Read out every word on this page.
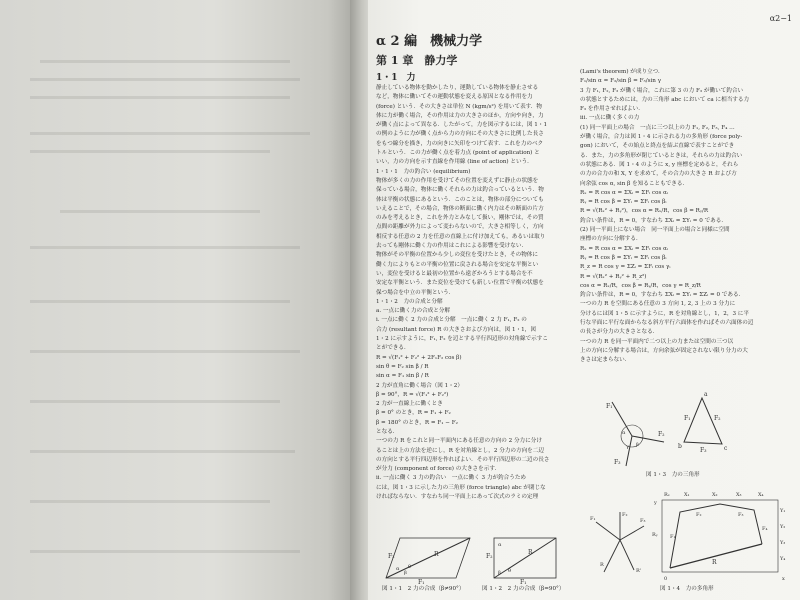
α2−1
α 2 編　機械力学
第 1 章　静力学
1・1　力
静止している物体を動かしたり，運動している物体を静止させる
など，物体に働いてその運動状態を変える原因となる作用を力
(force) という．その大きさは単位 N (kgm/s²) を用いて表す．物
体に力が働く場合，その作用は力の大きさのほか，方向や向き，力
が働く点によって異なる．したがって，力を図示するには，図 1・1
の例のように力が働く点から力の方向にその大きさに比例した長さ
をもつ線分を描き，力の向きに矢印をつけて表す．これを力のベク
トルという．この力が働く点を着力点 (point of application) と
いい，力の方向を示す直線を作用線 (line of action) という．
1・1・1　力の釣合い (equilibrium)
物体が多くの力の作用を受けてその位置を変えずに静止の状態を
保っている場合，物体に働くそれらの力は釣合っているという．物
体は平衡の状態にあるという．このことは，物体の部分についても
いえることで，その場合，物体の断面に働く内力はその断面の片方
のみを考えるとき，これを外力とみなして扱い，剛体では，その質
点間の距離が外力によって変わらないので，大きさ相等しく，方向
相反する任意の 2 力を任意の直線上に付け加えても，あるいは取り
去っても剛体に働く力の作用はこれによる影響を受けない．
物体がその平衡の位置から少しの変位を受けたとき，その物体に
働く力によりもとの平衡の位置に戻される場合を安定な平衡とい
い，変位を受けると最初の位置から遠ざかろうとする場合を不
安定な平衡という．また変位を受けても新しい位置で平衡の状態を
保つ場合を中立の平衡という．
1・1・2　力の合成と分解
a. 一点に働く力の合成と分解
i. 一点に働く 2 力の合成と分解　一点に働く 2 力 F₁, F₂ の
合力 (resultant force) R の大きさおよび方向は，図 1・1，図
1・2 に示すように，F₁, F₂ を辺とする平行四辺形の対角線で示すこ
とができる．
R = √(F₁² + F₂² + 2F₁F₂ cos β)
sin θ = F₂ sin β / R
sin α = F₁ sin β / R
2 力が直角に働く場合（図 1・2）
β = 90°，R = √(F₁² + F₂²)
2 力が一直線上に働くとき
β = 0° のとき，R = F₁ + F₂
β = 180° のとき，R = F₁ − F₂
となる．
一つの力 R をこれと同一平面内にある任意の方向の 2 分力に分け
ることは上の方法を逆にし，R を対角線とし，2 分力の方向を二辺
の方向とする平行四辺形を作ればよい．その平行四辺形の二辺の長さ
が分力 (component of force) の大きさを示す．
ii. 一点に働く 3 力の釣合い　一点に働く 3 力が釣合うため
には，図 1・3 に示した力の三角形 (force triangle) abc が閉じな
ければならない．すなわち同一平面上にあって次式のラミの定理
(Lami's theorem) が成り立つ．
F₁/sin α = F₂/sin β = F₃/sin γ
3 力 F₁, F₂, F₃ が働く場合，これに第 3 の力 F₃ が働いて釣合い
の状態とするためには，力の三角形 abc において ca に相当する力
F₃ を作用させればよい．
iii. 一点に働く多くの力
(1) 同一平面上の場合　一点に三つ以上の力 F₁, F₂, F₃, F₄ …
が働く場合，合力は図 1・4 に示される力の多角形 (force poly-
gon) において，その始点と終点を結ぶ直線で表すことができ
る．また，力の多角形が閉じているときは，それらの力は釣合い
の状態にある．図 1・4 のように x, y 座標を定めると，それら
の力の合力の和 X, Y を求めて，その合力の大きさ R および方
向余弦 cos α, sin β を知ることもできる．
Rₓ = R cos α = ΣXᵢ = ΣFᵢ cos αᵢ
Rᵧ = R cos β = ΣYᵢ = ΣFᵢ cos βᵢ
R = √(Rₓ² + Rᵧ²)，cos α = Rₓ/R，cos β = Rᵧ/R
釣合い条件は，R = 0，すなわち ΣXᵢ = ΣYᵢ = 0 である．
(2) 同一平面上にない場合　同一平面上の場合と同様に空間
座標の方向に分解する．
Rₓ = R cos α = ΣXᵢ = ΣFᵢ cos αᵢ
Rᵧ = R cos β = ΣYᵢ = ΣFᵢ cos βᵢ
R_z = R cos γ = ΣZᵢ = ΣFᵢ cos γᵢ
R = √(Rₓ² + Rᵧ² + R_z²)
cos α = Rₓ/R，cos β = Rᵧ/R，cos γ = R_z/R
釣合い条件は，R = 0，すなわち ΣXᵢ = ΣYᵢ = ΣZᵢ = 0 である．
一つの力 R を空間にある任意の 3 方向 1, 2, 3 上の 3 分力に
分けるには図 1・5 に示すように，R を対角線とし，1，2，3 に平
行な平面に平行な面からなる斜方平行六面体を作ればその六面体の辺
の長さが分力の大きさとなる．
一つの力 R を同一平面内で二つ以上の力または空間の三つ以
上の方向に分解する場合は，方向余弦が固定されない限り分力の大
きさは定まらない．
F₁
F₂	R
β
α θ
図 1・1　2 力の合成（β≠90°）
F₁
F₂
R
β
α
θ
図 1・2　2 力の合成（β=90°）
F₁
F₂
F₃
α
β
γ
a
b	c
F₁	F₂
F₃
図 1・3　力の三角形
F₁
F₂
F₃
R
R'
Rₓ	X₁	X₂	X₃	X₄
Y₁
Y₂
Y₃
Y₄
Rᵧ F₁
F₂	F₃
F₄
R
0	x
y
図 1・4　力の多角形
